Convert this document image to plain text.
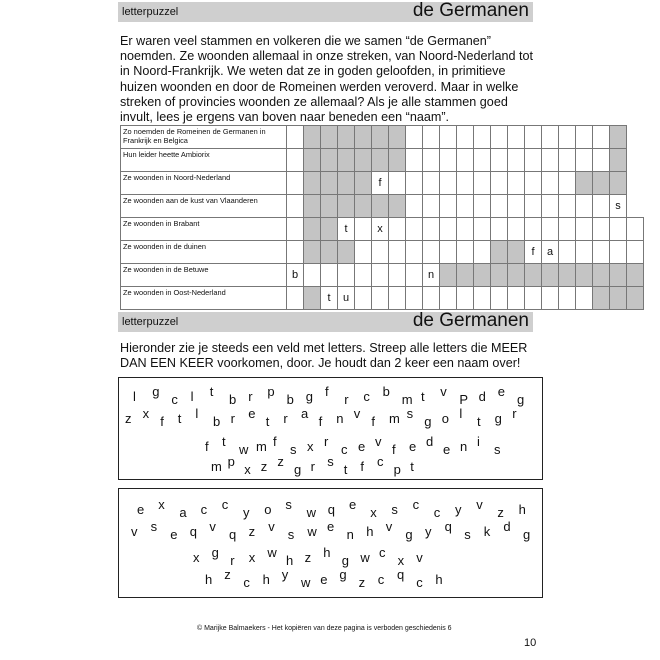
letterpuzzel	de Germanen
Er waren veel stammen en volkeren die we samen “de Germanen” noemden. Ze woonden allemaal in onze streken, van Noord-Nederland tot in Noord-Frankrijk. We weten dat ze in goden geloofden, in primitieve huizen woonden en door de Romeinen werden veroverd. Maar in welke streken of provincies woonden ze allemaal? Als je alle stammen goed invult, lees je ergens van boven naar beneden een “naam”.
Zo noemden de Romeinen de Germanen in Frankrijk en Belgica																					
Hun leider heette Ambiorix																					
Ze woonden in Noord-Nederland						f															
Ze woonden aan de kust van Vlaanderen																				s	
Ze woonden in Brabant				t		x															
Ze woonden in de duinen															f	a					
Ze woonden in de Betuwe	b								n												
Ze woonden in Oost-Nederland			t	u																	
letterpuzzel	de Germanen
Hieronder zie je steeds een veld met letters. Streep alle letters die MEER DAN EEN KEER voorkomen, door. Je houdt dan 2 keer een naam over!
l g
c l t
b r p
b g f
r c b
m t v
P d e
g
z x
f t l
b r e
t r a
f n v
f m s
g o l
t g r
f t
w m f
s x r
c e v
f e d
e n i
s
m p
x z z
g r s
t f c
p t
e x
a c c
y o s
w q e
x s c
c y v
z h
v s
e q v
q z v
s w e
n h v
g y q
s k d
g
x g
r x w
h z h
g w c
x v
h z
c h y
w e g
z c q
c h
© Marijke Balmaekers - Het kopiëren van deze pagina is verboden geschiedenis 6
10
